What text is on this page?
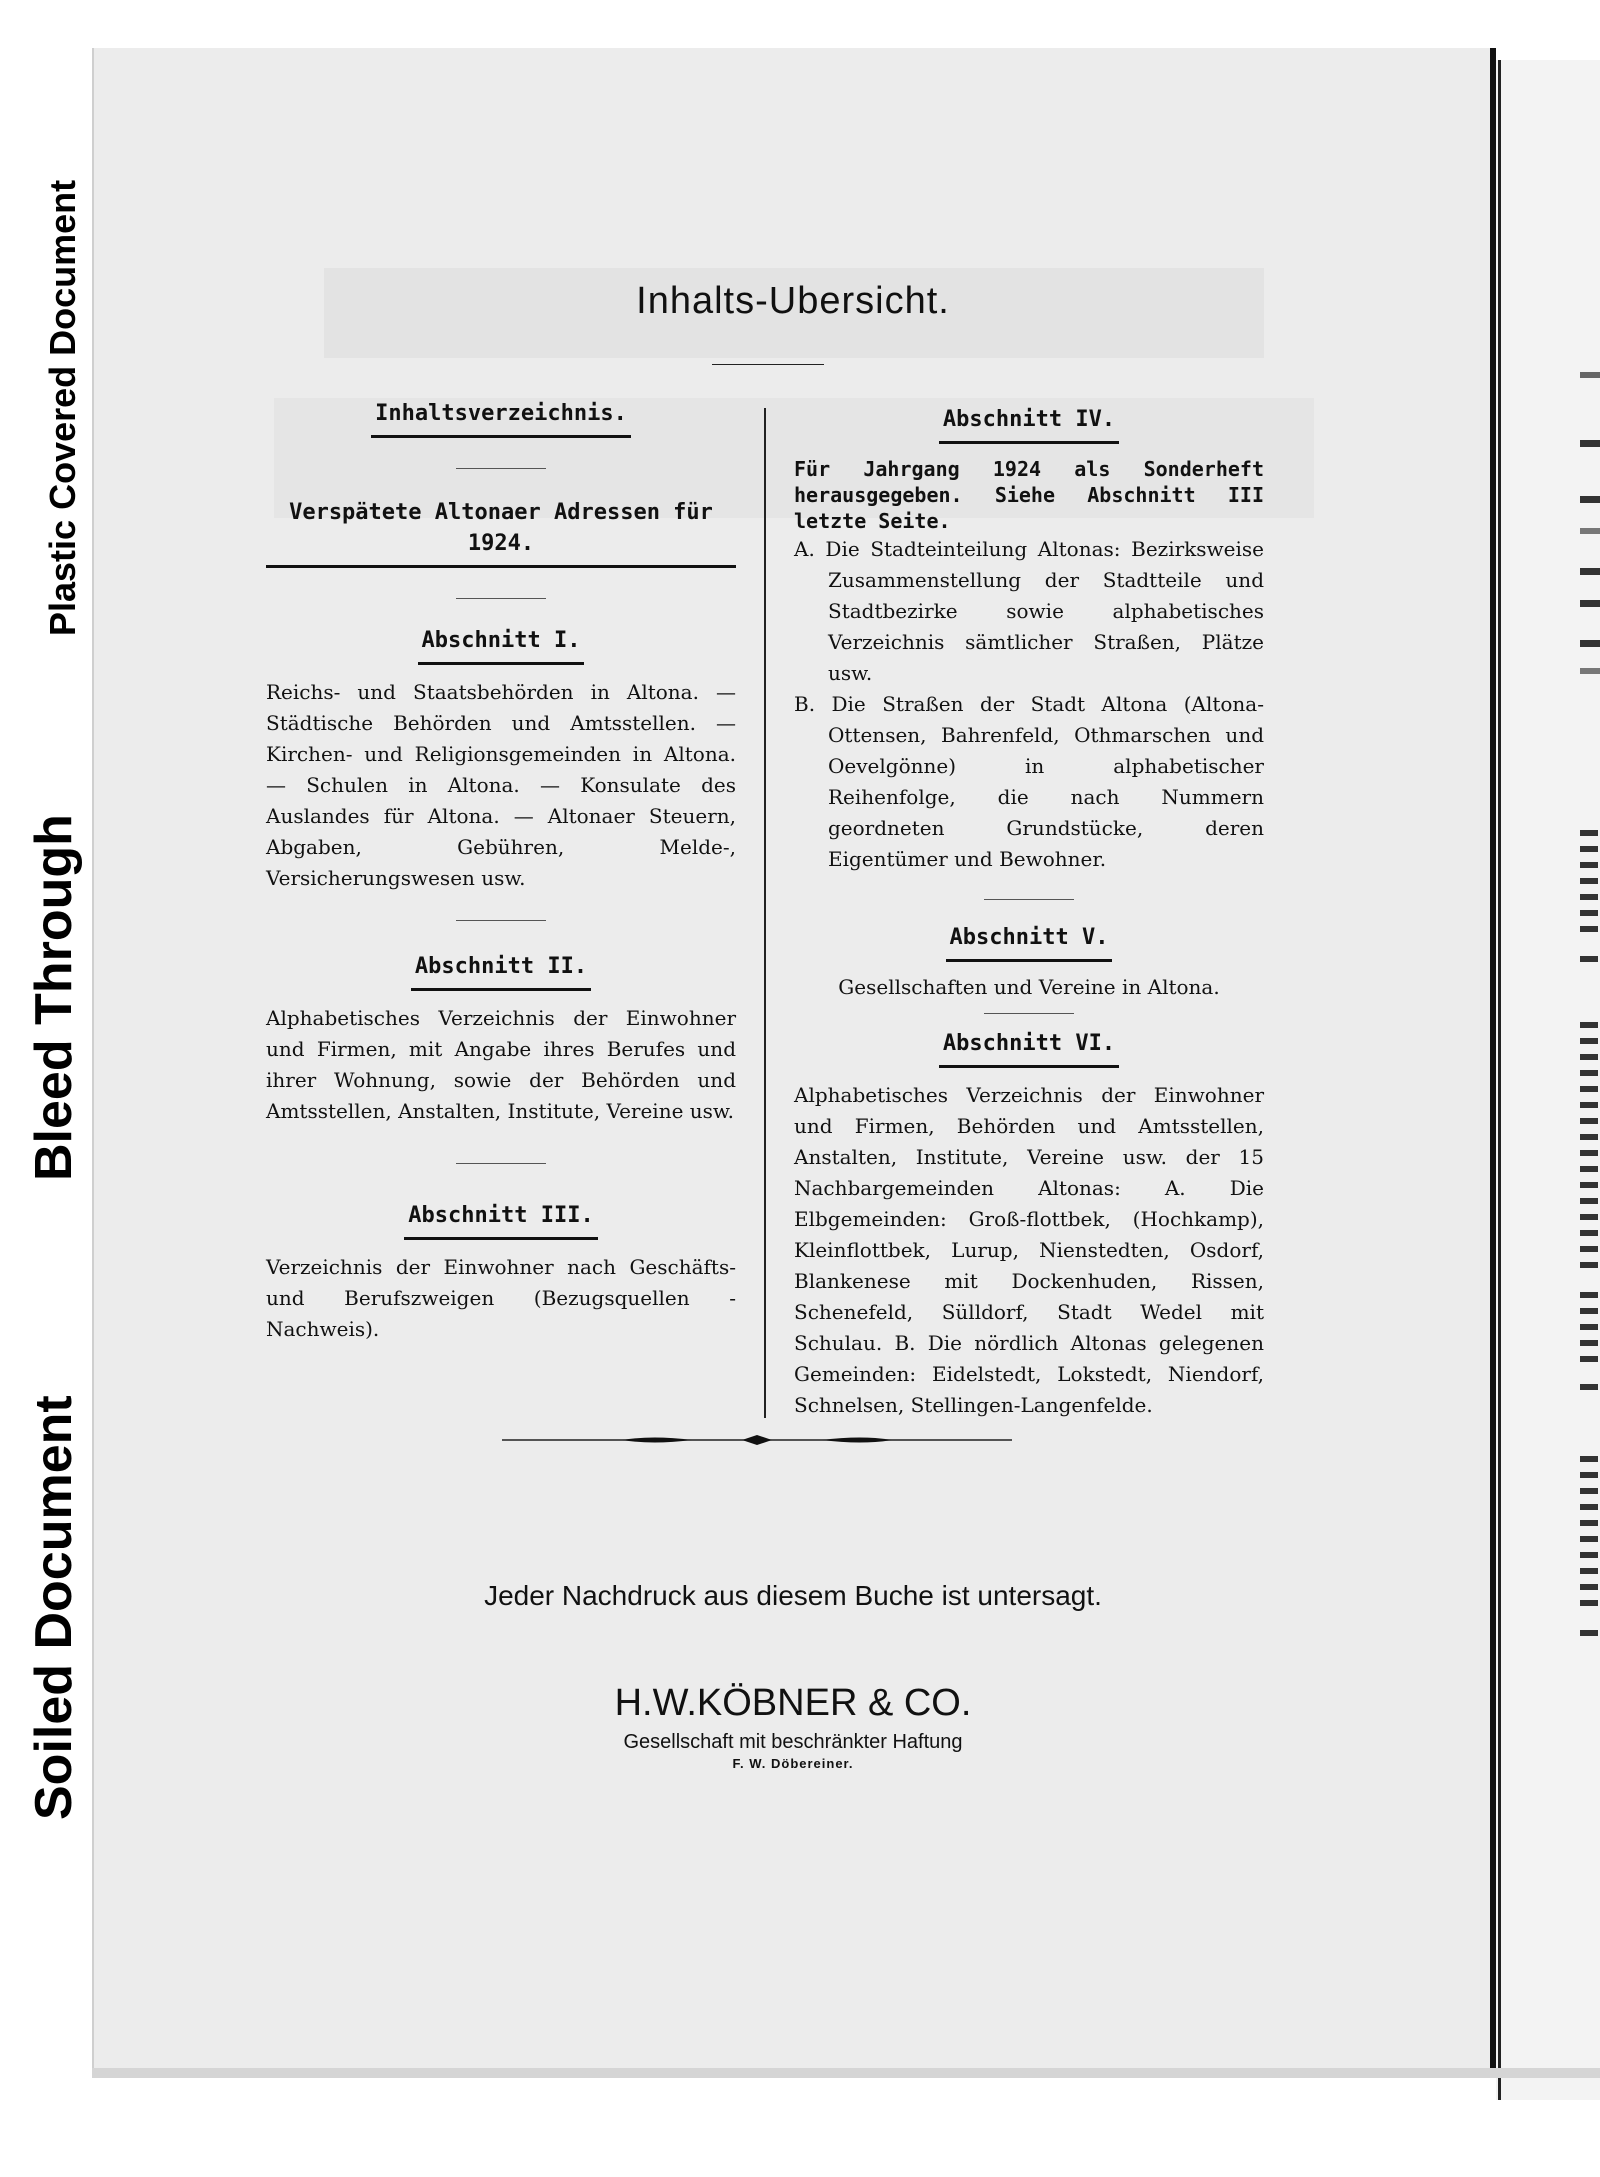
Plastic Covered Document
Bleed Through
Soiled Document
Inhalts-Ubersicht.
Inhaltsverzeichnis.
Verspätete Altonaer Adressen für 1924.
Abschnitt I.
Reichs- und Staatsbehörden in Altona. — Städtische Behörden und Amtsstellen. — Kirchen- und Religionsgemeinden in Altona. — Schulen in Altona. — Konsulate des Auslandes für Altona. — Altonaer Steuern, Abgaben, Gebühren, Melde-, Versicherungswesen usw.
Abschnitt II.
Alphabetisches Verzeichnis der Einwohner und Firmen, mit Angabe ihres Berufes und ihrer Wohnung, sowie der Behörden und Amtsstellen, Anstalten, Institute, Vereine usw.
Abschnitt III.
Verzeichnis der Einwohner nach Geschäfts- und Berufszweigen (Bezugsquellen - Nachweis).
Abschnitt IV.
Für Jahrgang 1924 als Sonderheft herausgegeben. Siehe Abschnitt III letzte Seite.
A. Die Stadteinteilung Altonas: Bezirksweise Zusammenstellung der Stadtteile und Stadtbezirke sowie alphabetisches Verzeichnis sämtlicher Straßen, Plätze usw.
B. Die Straßen der Stadt Altona (Altona-Ottensen, Bahrenfeld, Othmarschen und Oevelgönne) in alphabetischer Reihenfolge, die nach Nummern geordneten Grundstücke, deren Eigentümer und Bewohner.
Abschnitt V.
Gesellschaften und Vereine in Altona.
Abschnitt VI.
Alphabetisches Verzeichnis der Einwohner und Firmen, Behörden und Amtsstellen, Anstalten, Institute, Vereine usw. der 15 Nachbargemeinden Altonas: A. Die Elbgemeinden: Groß-flottbek, (Hochkamp), Kleinflottbek, Lurup, Nienstedten, Osdorf, Blankenese mit Dockenhuden, Rissen, Schenefeld, Sülldorf, Stadt Wedel mit Schulau. B. Die nördlich Altonas gelegenen Gemeinden: Eidelstedt, Lokstedt, Niendorf, Schnelsen, Stellingen-Langenfelde.
Jeder Nachdruck aus diesem Buche ist untersagt.
H.W.KÖBNER & CO.
Gesellschaft mit beschränkter Haftung
F. W. Döbereiner.
